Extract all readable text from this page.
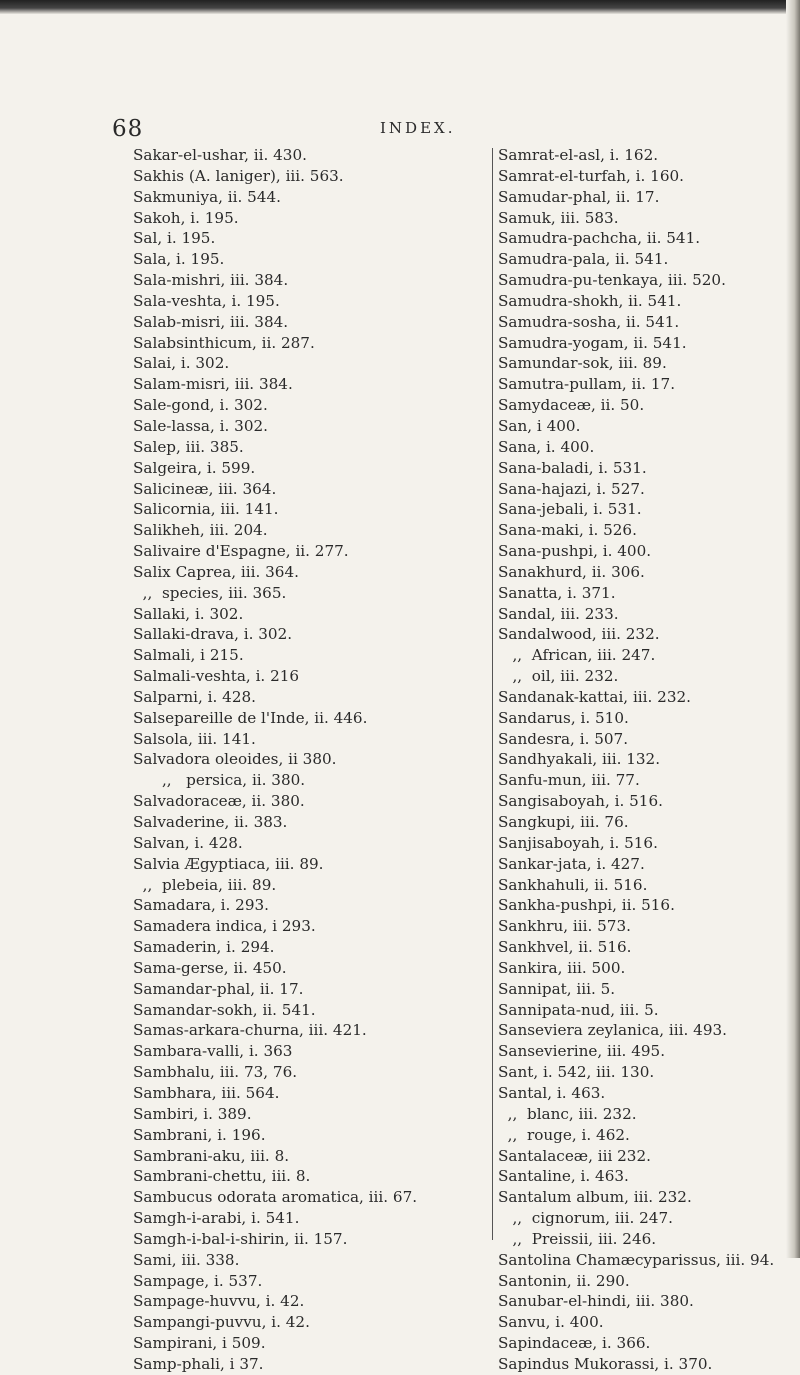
68	INDEX.
Sakar-el-ushar, ii. 430.
Sakhis (A. laniger), iii. 563.
Sakmuniya, ii. 544.
Sakoh, i. 195.
Sal, i. 195.
Sala, i. 195.
Sala-mishri, iii. 384.
Sala-veshta, i. 195.
Salab-misri, iii. 384.
Salabsinthicum, ii. 287.
Salai, i. 302.
Salam-misri, iii. 384.
Sale-gond, i. 302.
Sale-lassa, i. 302.
Salep, iii. 385.
Salgeira, i. 599.
Salicineæ, iii. 364.
Salicornia, iii. 141.
Salikheh, iii. 204.
Salivaire d'Espagne, ii. 277.
Salix Caprea, iii. 364.
,,  species, iii. 365.
Sallaki, i. 302.
Sallaki-drava, i. 302.
Salmali, i 215.
Salmali-veshta, i. 216
Salparni, i. 428.
Salsepareille de l'Inde, ii. 446.
Salsola, iii. 141.
Salvadora oleoides, ii 380.
,,   persica, ii. 380.
Salvadoraceæ, ii. 380.
Salvaderine, ii. 383.
Salvan, i. 428.
Salvia Ægyptiaca, iii. 89.
,,  plebeia, iii. 89.
Samadara, i. 293.
Samadera indica, i 293.
Samaderin, i. 294.
Sama-gerse, ii. 450.
Samandar-phal, ii. 17.
Samandar-sokh, ii. 541.
Samas-arkara-churna, iii. 421.
Sambara-valli, i. 363
Sambhalu, iii. 73, 76.
Sambhara, iii. 564.
Sambiri, i. 389.
Sambrani, i. 196.
Sambrani-aku, iii. 8.
Sambrani-chettu, iii. 8.
Sambucus odorata aromatica, iii. 67.
Samgh-i-arabi, i. 541.
Samgh-i-bal-i-shirin, ii. 157.
Sami, iii. 338.
Sampage, i. 537.
Sampage-huvvu, i. 42.
Sampangi-puvvu, i. 42.
Sampirani, i 509.
Samp-phali, i 37.
Samrat-el-asl, i. 162.
Samrat-el-turfah, i. 160.
Samudar-phal, ii. 17.
Samuk, iii. 583.
Samudra-pachcha, ii. 541.
Samudra-pala, ii. 541.
Samudra-pu-tenkaya, iii. 520.
Samudra-shokh, ii. 541.
Samudra-sosha, ii. 541.
Samudra-yogam, ii. 541.
Samundar-sok, iii. 89.
Samutra-pullam, ii. 17.
Samydaceæ, ii. 50.
San, i 400.
Sana, i. 400.
Sana-baladi, i. 531.
Sana-hajazi, i. 527.
Sana-jebali, i. 531.
Sana-maki, i. 526.
Sana-pushpi, i. 400.
Sanakhurd, ii. 306.
Sanatta, i. 371.
Sandal, iii. 233.
Sandalwood, iii. 232.
,,  African, iii. 247.
,,  oil, iii. 232.
Sandanak-kattai, iii. 232.
Sandarus, i. 510.
Sandesra, i. 507.
Sandhyakali, iii. 132.
Sanfu-mun, iii. 77.
Sangisaboyah, i. 516.
Sangkupi, iii. 76.
Sanjisaboyah, i. 516.
Sankar-jata, i. 427.
Sankhahuli, ii. 516.
Sankha-pushpi, ii. 516.
Sankhru, iii. 573.
Sankhvel, ii. 516.
Sankira, iii. 500.
Sannipat, iii. 5.
Sannipata-nud, iii. 5.
Sanseviera zeylanica, iii. 493.
Sansevierine, iii. 495.
Sant, i. 542, iii. 130.
Santal, i. 463.
,,  blanc, iii. 232.
,,  rouge, i. 462.
Santalaceæ, iii 232.
Santaline, i. 463.
Santalum album, iii. 232.
,,  cignorum, iii. 247.
,,  Preissii, iii. 246.
Santolina Chamæcyparissus, iii. 94.
Santonin, ii. 290.
Sanubar-el-hindi, iii. 380.
Sanvu, i. 400.
Sapindaceæ, i. 366.
Sapindus Mukorassi, i. 370.
